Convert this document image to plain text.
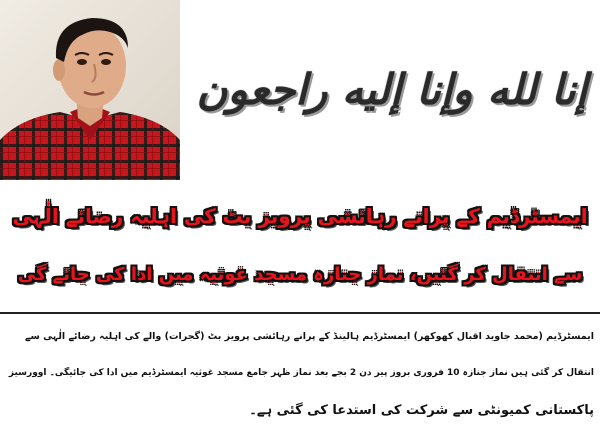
إنا لله وإنا إليه راجعون
ایمسٹرڈیم کے پرانے رہائشی پرویز بٹ کی اہلیہ رضائے الٰہی
سے انتقال کر گئیں، نماز جنازہ مسجد غوثیہ میں ادا کی جائے گی
ایمسٹرڈیم (محمد جاوید اقبال کھوکھر) ایمسٹرڈیم ہالینڈ کے پرانے رہائشی پرویز بٹ (گجرات) والے کی اہلیہ رضائے الٰہی سے
انتقال کر گئی ہیں نماز جنازہ 10 فروری بروز پیر دن 2 بجے بعد نماز ظہر جامع مسجد غوثیہ ایمسٹرڈیم میں ادا کی جائیگی۔ اوورسیز
پاکستانی کمیونٹی سے شرکت کی استدعا کی گئی ہے۔
